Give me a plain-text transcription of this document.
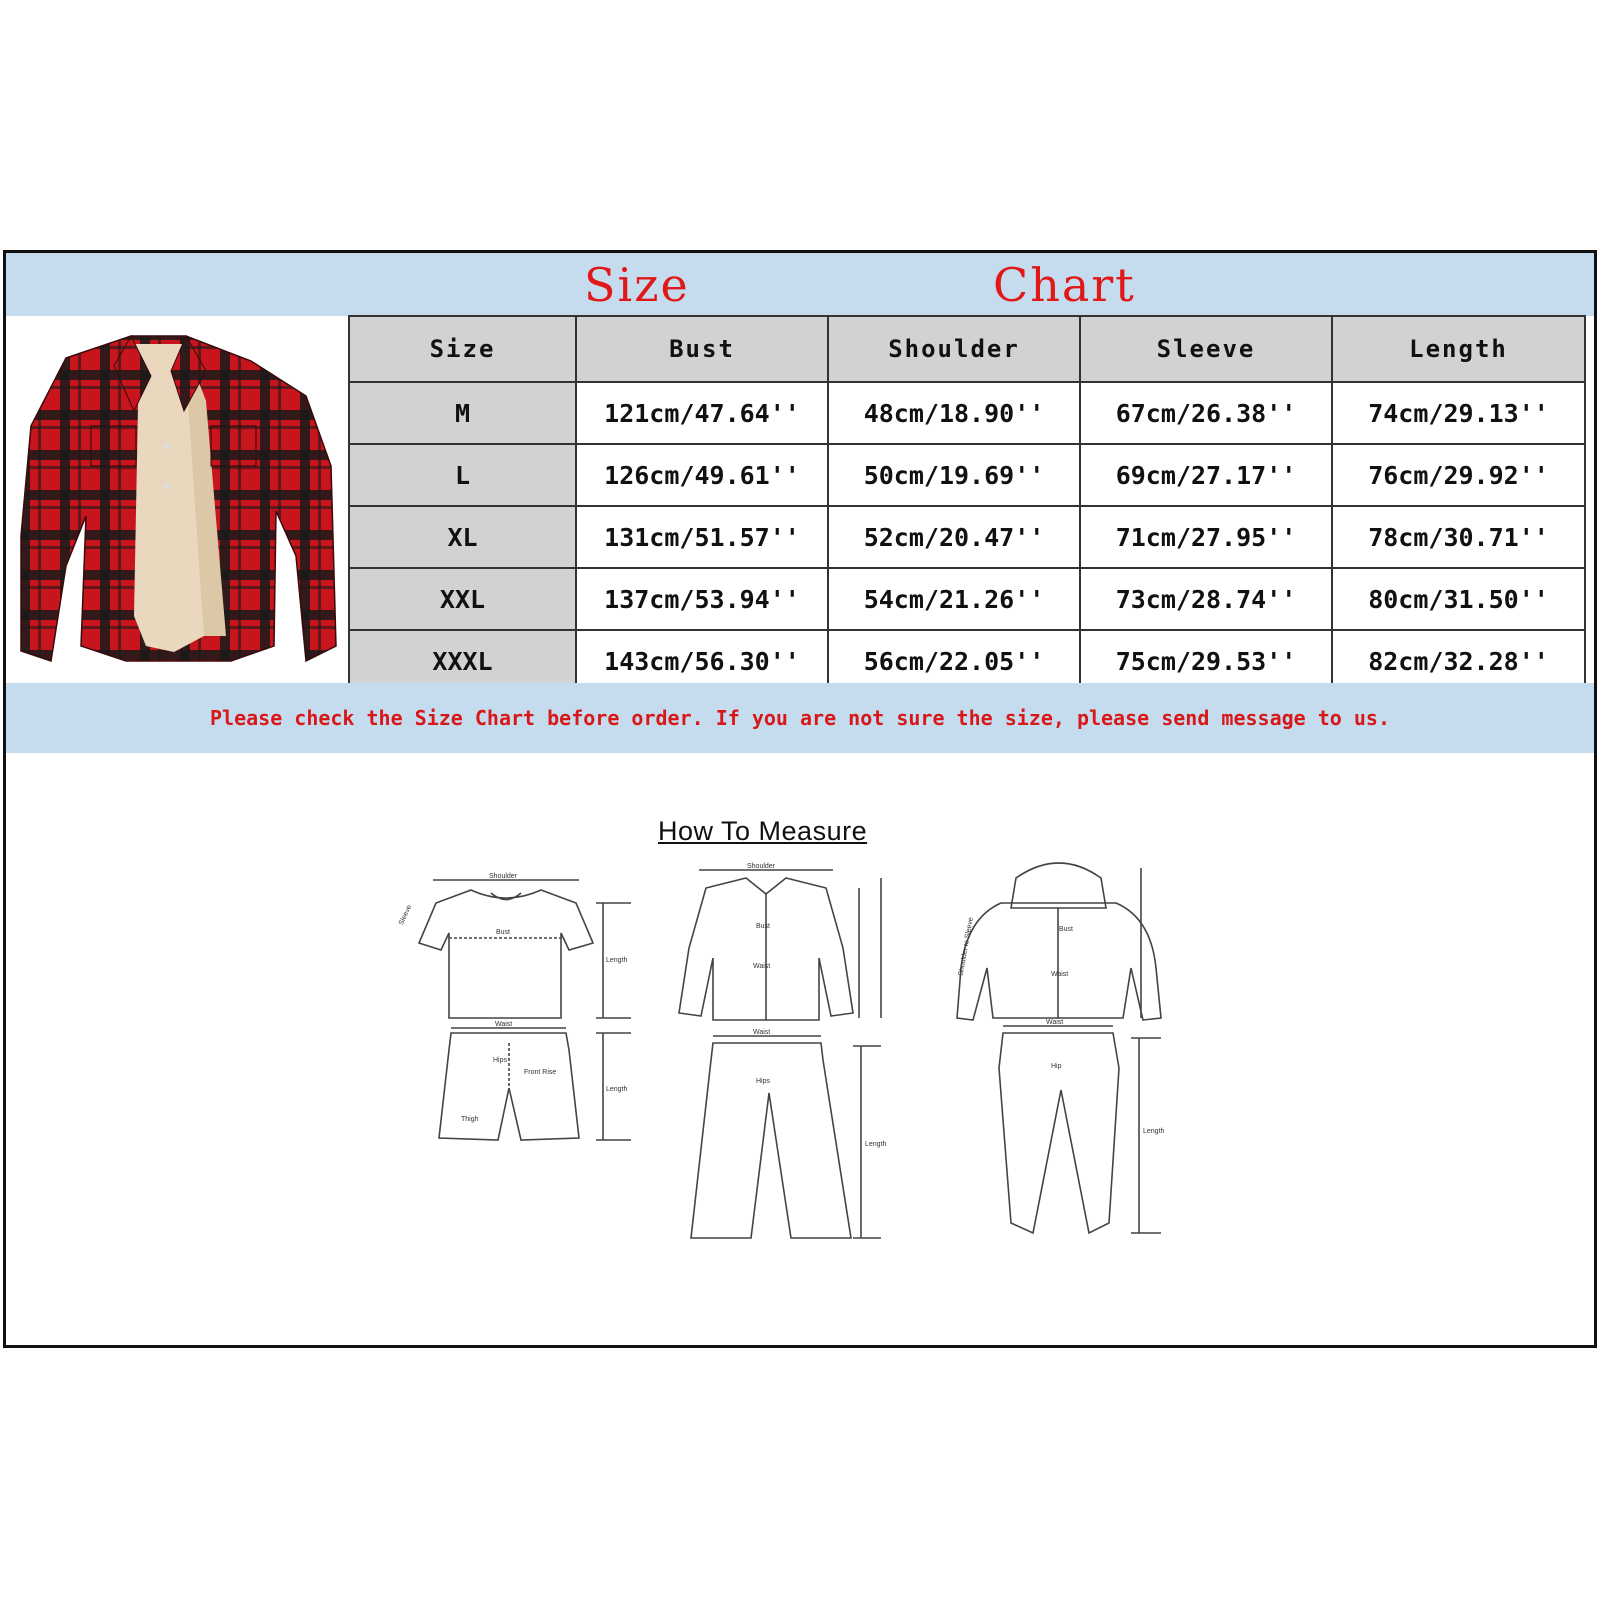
Size	Chart
Size	Bust	Shoulder	Sleeve	Length
M	121cm/47.64''	48cm/18.90''	67cm/26.38''	74cm/29.13''
L	126cm/49.61''	50cm/19.69''	69cm/27.17''	76cm/29.92''
XL	131cm/51.57''	52cm/20.47''	71cm/27.95''	78cm/30.71''
XXL	137cm/53.94''	54cm/21.26''	73cm/28.74''	80cm/31.50''
XXXL	143cm/56.30''	56cm/22.05''	75cm/29.53''	82cm/32.28''
Please check the Size Chart before order. If you are not sure the size, please send message to us.
How To Measure
Shoulder
Bust
Length
Sleeve
Waist
Hips
Front Rise
Thigh
Length
Shoulder
Bust
Waist
Waist
Hips
Length
Bust
Waist
Shoulder to Sleeve
Waist
Hip
Length
